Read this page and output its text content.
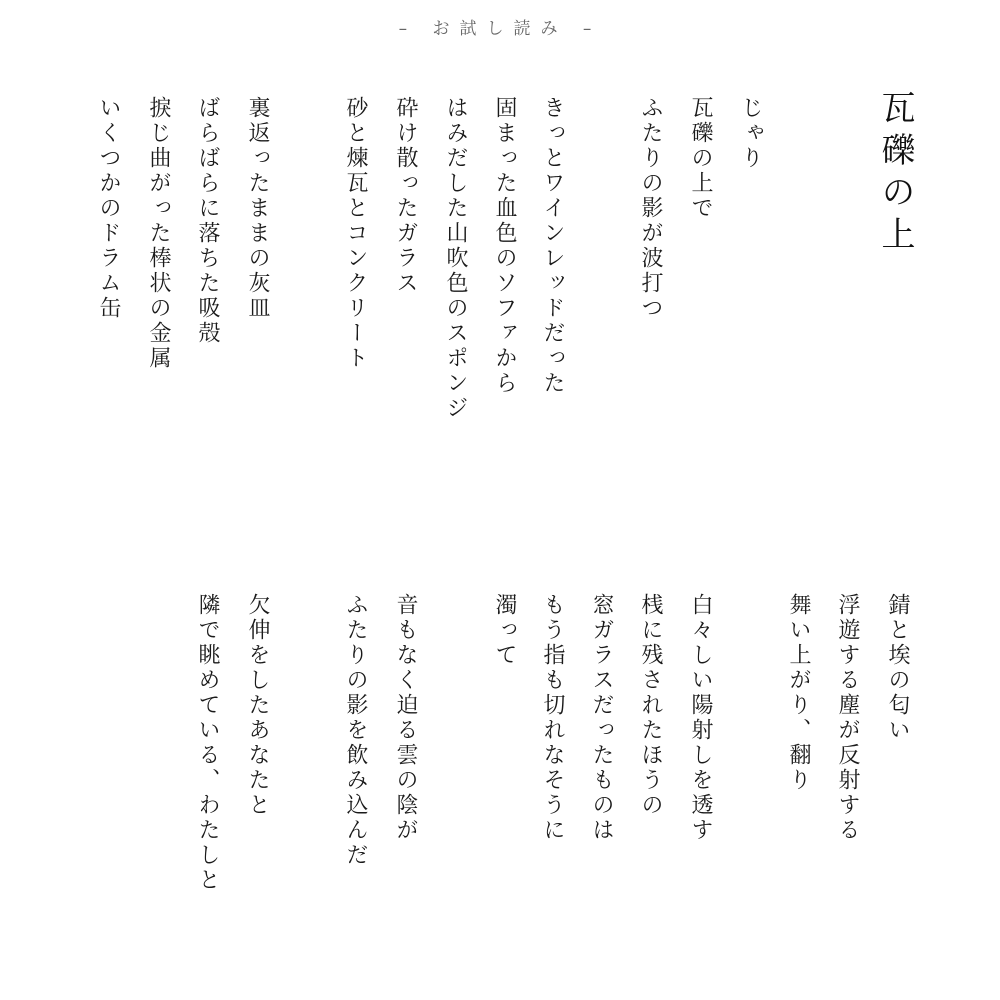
– お試し読み –
瓦礫の上
じゃり
瓦礫の上で
ふたりの影が波打つ
きっとワインレッドだった
固まった血色のソファから
はみだした山吹色のスポンジ
砕け散ったガラス
砂と煉瓦とコンクリート
裏返ったままの灰皿
ばらばらに落ちた吸殻
捩じ曲がった棒状の金属
いくつかのドラム缶
錆と埃の匂い
浮遊する塵が反射する
舞い上がり、翻り
白々しい陽射しを透す
桟に残されたほうの
窓ガラスだったものは
もう指も切れなそうに
濁って
音もなく迫る雲の陰が
ふたりの影を飲み込んだ
欠伸をしたあなたと
隣で眺めている、わたしと
